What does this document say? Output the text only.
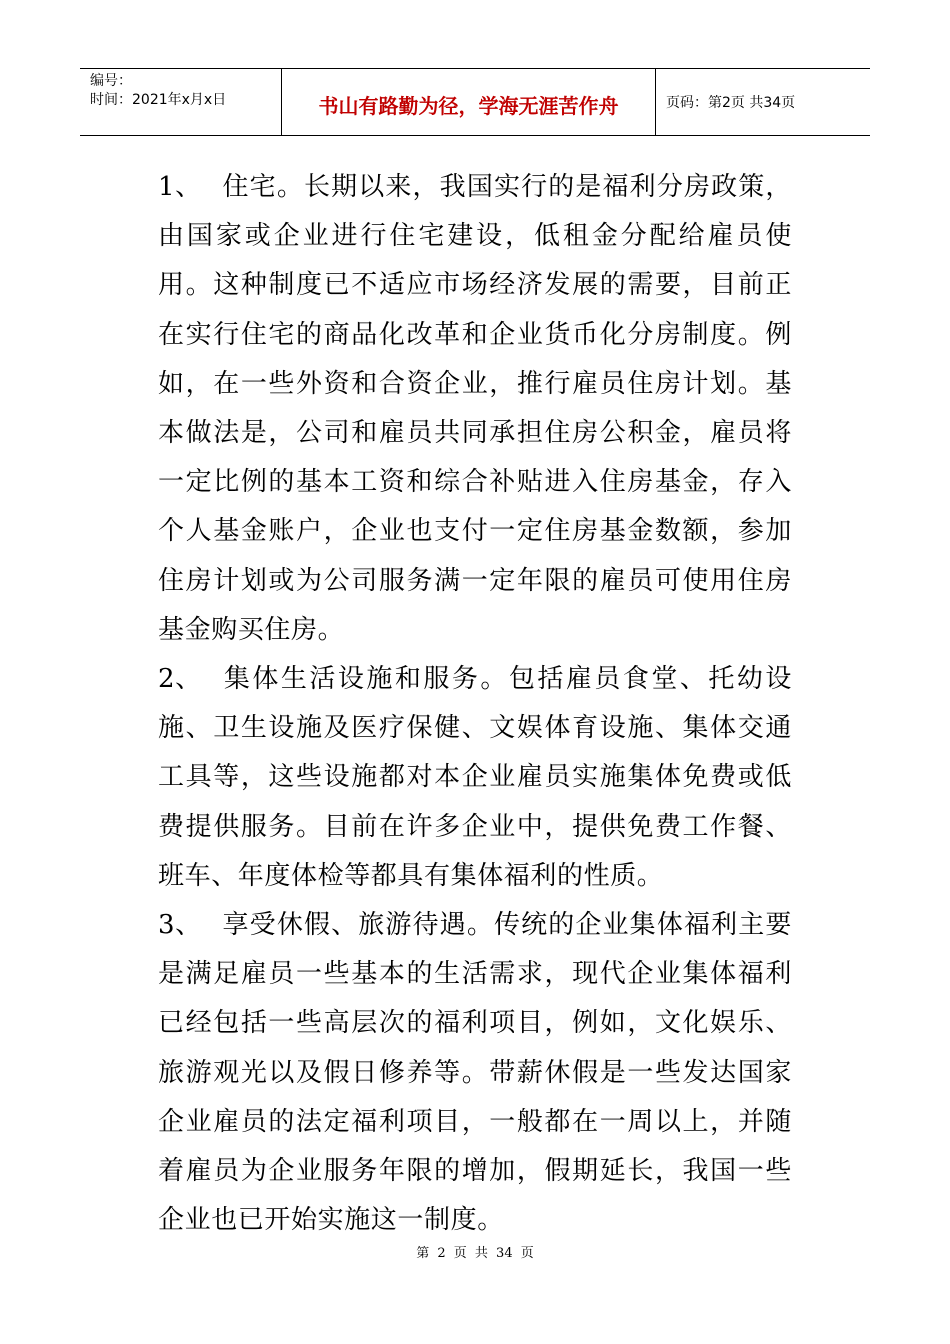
编号：
时间：2021年x月x日	书山有路勤为径，学海无涯苦作舟	页码：第2页 共34页

1、 住宅。长期以来，我国实行的是福利分房政策，由国家或企业进行住宅建设，低租金分配给雇员使用。这种制度已不适应市场经济发展的需要，目前正在实行住宅的商品化改革和企业货币化分房制度。例如，在一些外资和合资企业，推行雇员住房计划。基本做法是，公司和雇员共同承担住房公积金，雇员将一定比例的基本工资和综合补贴进入住房基金，存入个人基金账户，企业也支付一定住房基金数额，参加住房计划或为公司服务满一定年限的雇员可使用住房基金购买住房。

2、 集体生活设施和服务。包括雇员食堂、托幼设施、卫生设施及医疗保健、文娱体育设施、集体交通工具等，这些设施都对本企业雇员实施集体免费或低费提供服务。目前在许多企业中，提供免费工作餐、班车、年度体检等都具有集体福利的性质。

3、 享受休假、旅游待遇。传统的企业集体福利主要是满足雇员一些基本的生活需求，现代企业集体福利已经包括一些高层次的福利项目，例如，文化娱乐、旅游观光以及假日修养等。带薪休假是一些发达国家企业雇员的法定福利项目，一般都在一周以上，并随着雇员为企业服务年限的增加，假期延长，我国一些企业也已开始实施这一制度。

第 2 页 共 34 页
